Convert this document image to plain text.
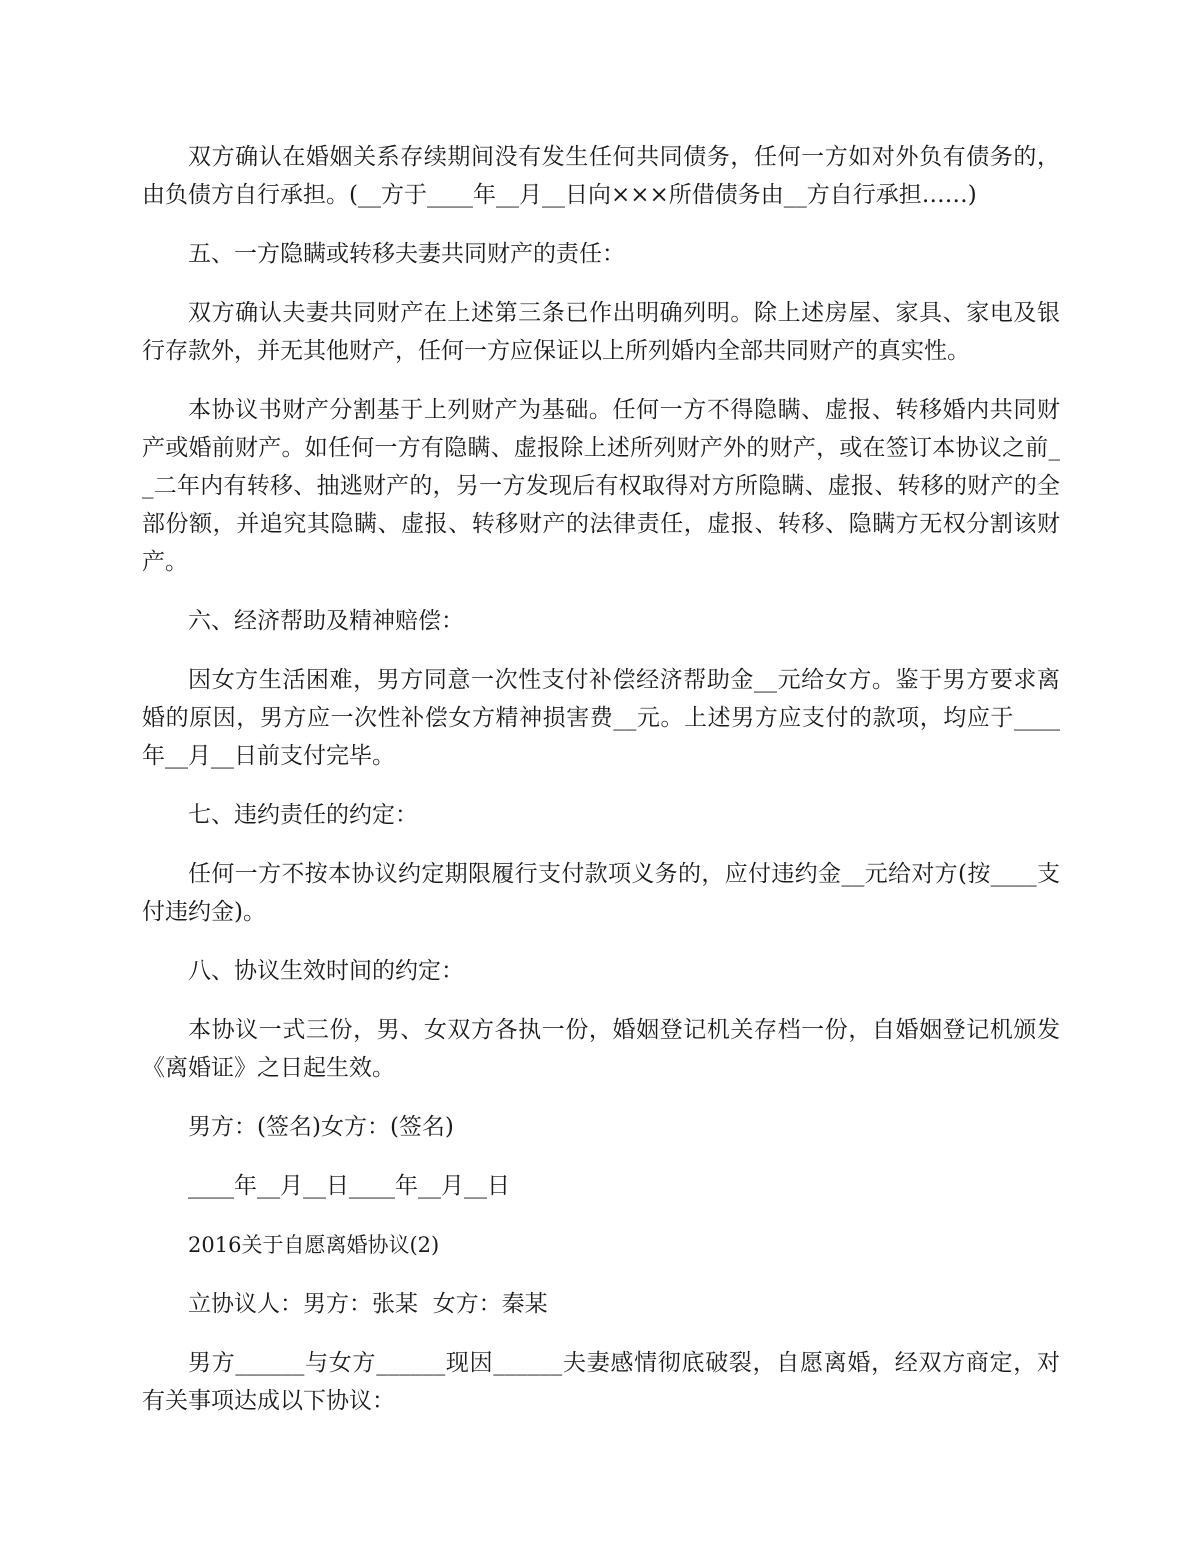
双方确认在婚姻关系存续期间没有发生任何共同债务，任何一方如对外负有债务的，由负债方自行承担。(__方于____年__月__日向×××所借债务由__方自行承担……)

五、一方隐瞒或转移夫妻共同财产的责任：

双方确认夫妻共同财产在上述第三条已作出明确列明。除上述房屋、家具、家电及银行存款外，并无其他财产，任何一方应保证以上所列婚内全部共同财产的真实性。

本协议书财产分割基于上列财产为基础。任何一方不得隐瞒、虚报、转移婚内共同财产或婚前财产。如任何一方有隐瞒、虚报除上述所列财产外的财产，或在签订本协议之前__二年内有转移、抽逃财产的，另一方发现后有权取得对方所隐瞒、虚报、转移的财产的全部份额，并追究其隐瞒、虚报、转移财产的法律责任，虚报、转移、隐瞒方无权分割该财产。

六、经济帮助及精神赔偿：

因女方生活困难，男方同意一次性支付补偿经济帮助金__元给女方。鉴于男方要求离婚的原因，男方应一次性补偿女方精神损害费__元。上述男方应支付的款项，均应于____年__月__日前支付完毕。

七、违约责任的约定：

任何一方不按本协议约定期限履行支付款项义务的，应付违约金__元给对方(按____支付违约金)。

八、协议生效时间的约定：

本协议一式三份，男、女双方各执一份，婚姻登记机关存档一份，自婚姻登记机颁发《离婚证》之日起生效。

男方：(签名)女方：(签名)

____年__月__日____年__月__日

2016关于自愿离婚协议(2)

立协议人：男方：张某  女方：秦某

男方______与女方______现因______夫妻感情彻底破裂，自愿离婚，经双方商定，对有关事项达成以下协议：
